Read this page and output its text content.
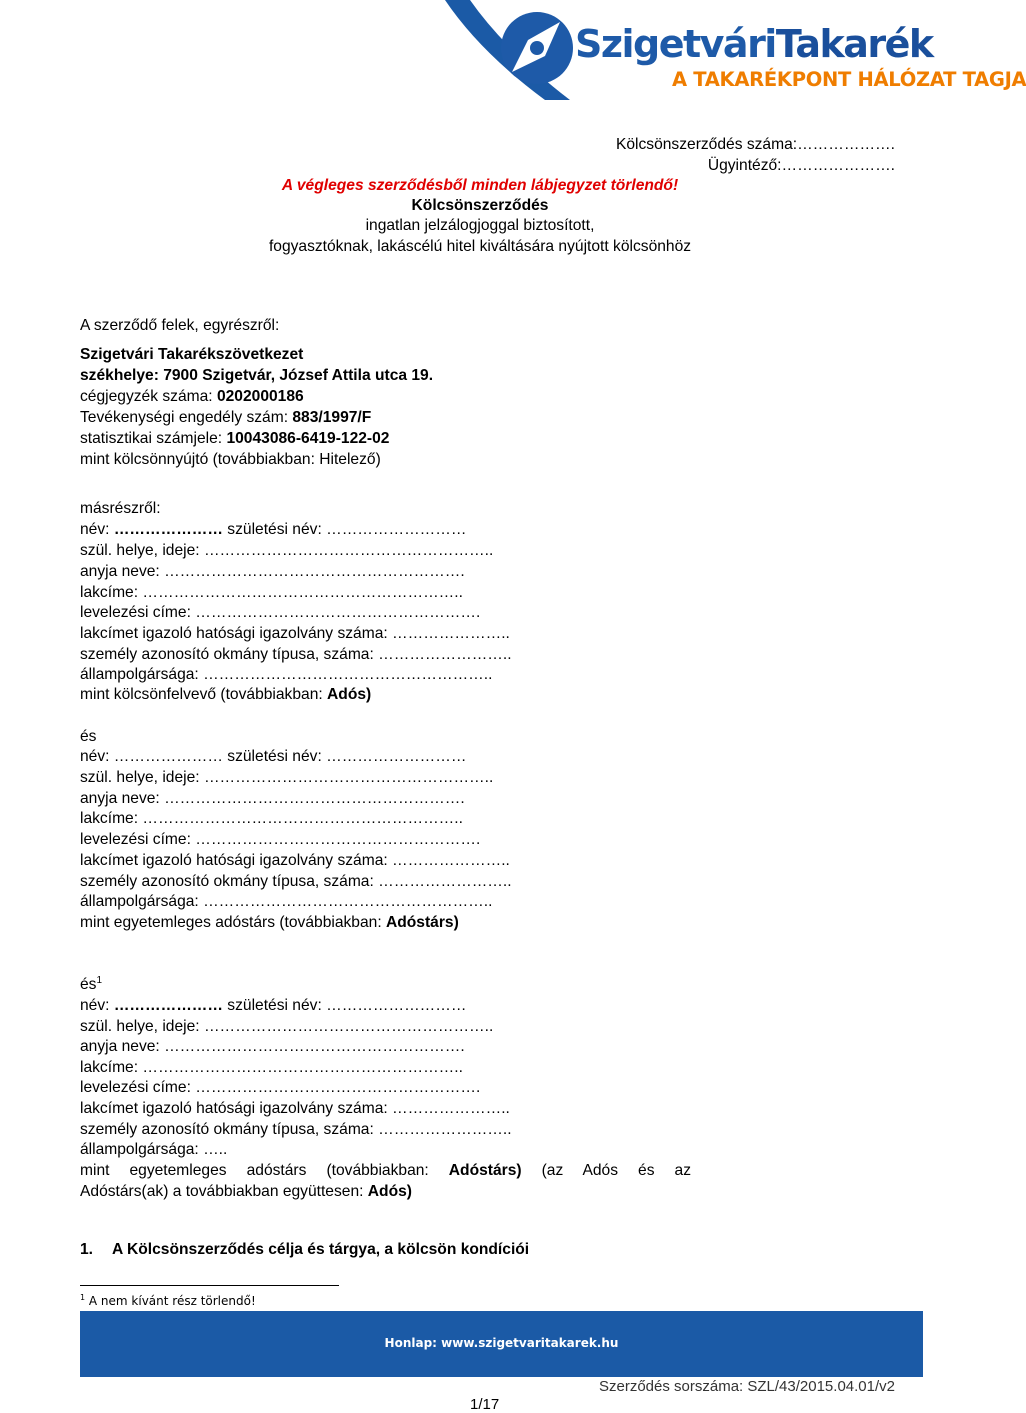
SzigetváriTakarék
A TAKARÉKPONT HÁLÓZAT TAGJA
Kölcsönszerződés száma:……………….
Ügyintéző:………………….
A végleges szerződésből minden lábjegyzet törlendő!
Kölcsönszerződés
ingatlan jelzálogjoggal biztosított,
fogyasztóknak, lakáscélú hitel kiváltására nyújtott kölcsönhöz
A szerződő felek, egyrészről:
Szigetvári Takarékszövetkezet
székhelye: 7900 Szigetvár, József Attila utca 19.
cégjegyzék száma: 0202000186
Tevékenységi engedély szám: 883/1997/F
statisztikai számjele: 10043086-6419-122-02
mint kölcsönnyújtó (továbbiakban: Hitelező)
másrészről:
név: ………………… születési név: ………………………
szül. helye, ideje: ………………………………………………..
anyja neve: ………………………………………………….
lakcíme: ……………………………………………………..
levelezési címe: ……………………………………………….
lakcímet igazoló hatósági igazolvány száma: …………………..
személy azonosító okmány típusa, száma: ……………………..
állampolgársága: ………………………………………………..
mint kölcsönfelvevő (továbbiakban: Adós)
és
név: ………………… születési név: ………………………
szül. helye, ideje: ………………………………………………..
anyja neve: ………………………………………………….
lakcíme: ……………………………………………………..
levelezési címe: ……………………………………………….
lakcímet igazoló hatósági igazolvány száma: …………………..
személy azonosító okmány típusa, száma: ……………………..
állampolgársága: ………………………………………………..
mint egyetemleges adóstárs (továbbiakban: Adóstárs)
$és^1$
név: ………………… születési név: ………………………
szül. helye, ideje: ………………………………………………..
anyja neve: ………………………………………………….
lakcíme: ……………………………………………………..
levelezési címe: ……………………………………………….
lakcímet igazoló hatósági igazolvány száma: …………………..
személy azonosító okmány típusa, száma: ……………………..
állampolgársága: …..
mint egyetemleges adóstárs (továbbiakban: Adóstárs) (az Adós és az
Adóstárs(ak) a továbbiakban együttesen: Adós)
1. A Kölcsönszerződés célja és tárgya, a kölcsön kondíciói
$^1$ A nem kívánt rész törlendő!
Honlap: www.szigetvaritakarek.hu
Szerződés sorszáma: SZL/43/2015.04.01/v2
1/17
